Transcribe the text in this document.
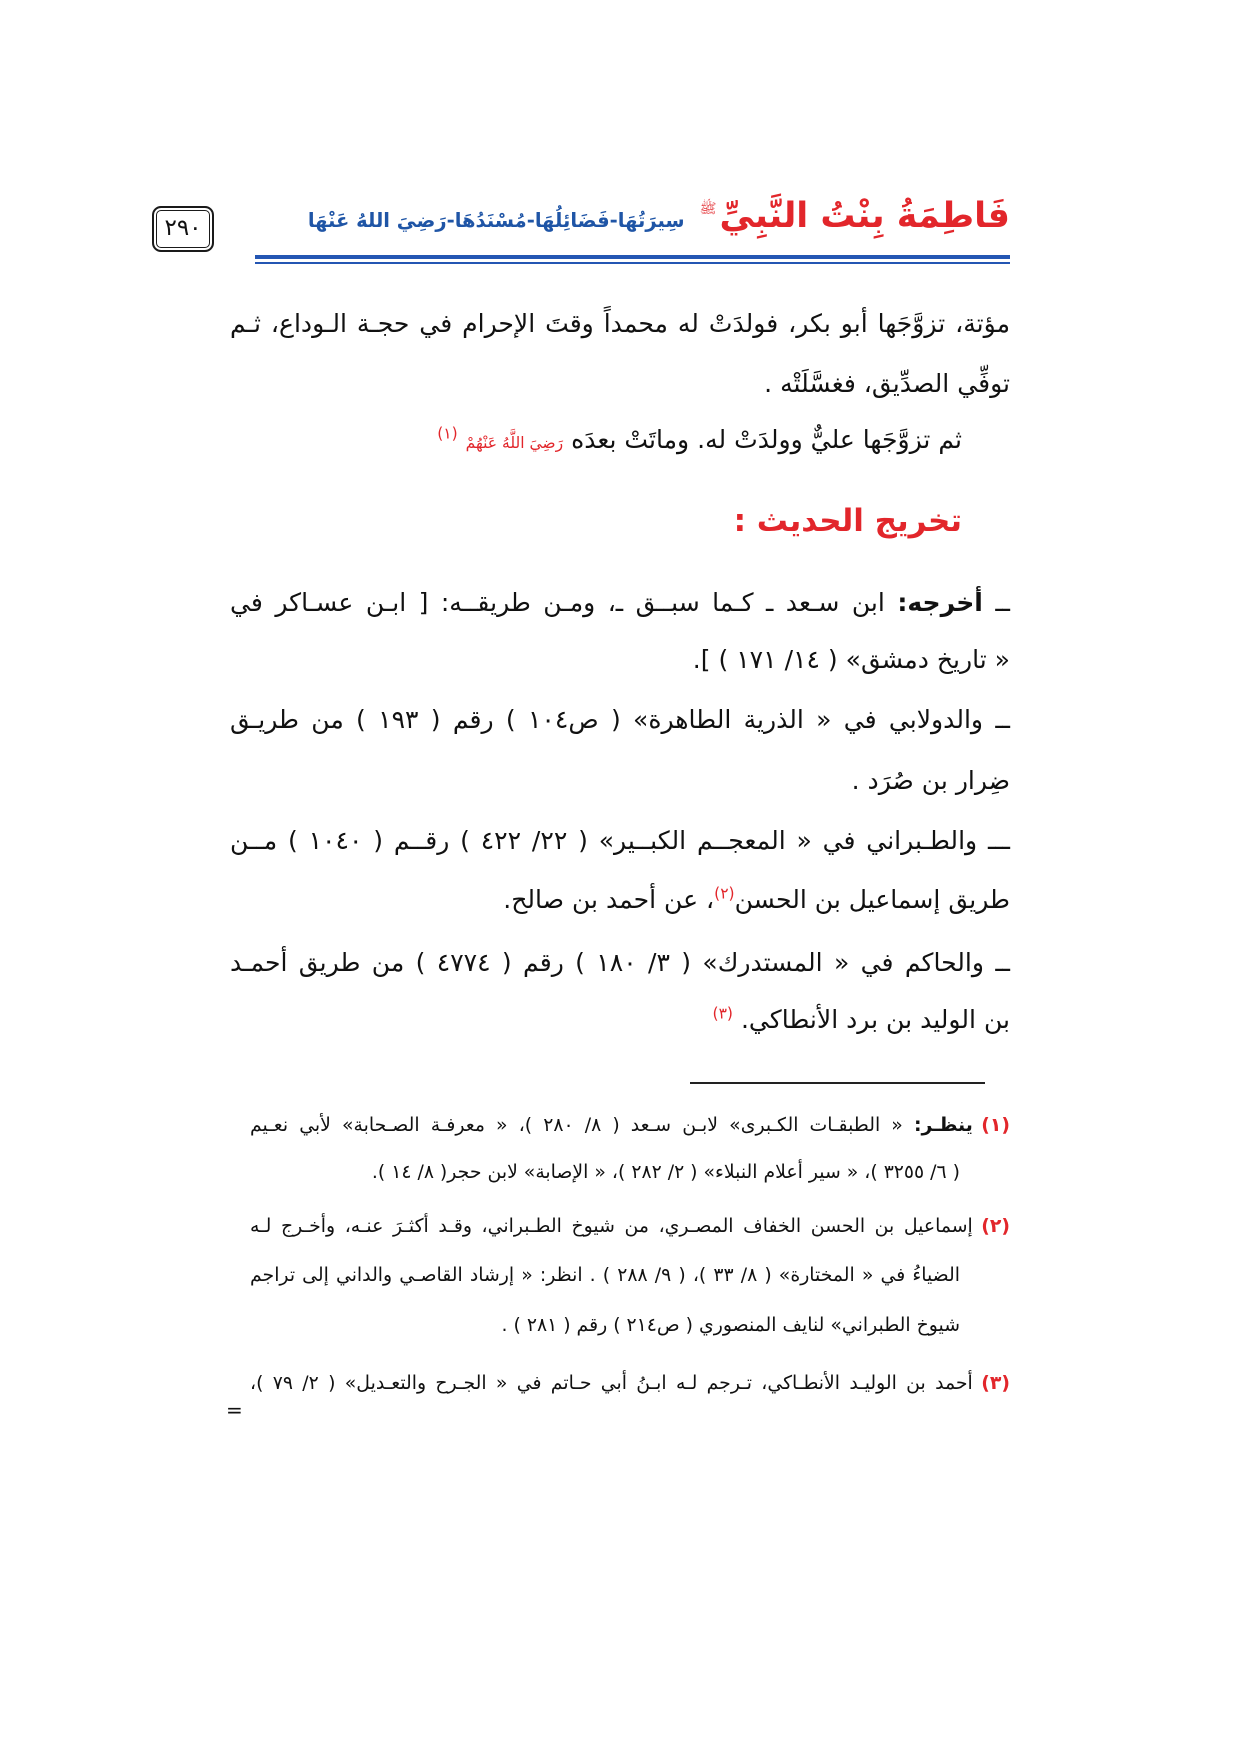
٢٩٠	فَاطِمَةُ بِنْتُ النَّبِيِّ$^ﷺ$سِيرَتُهَا-فَضَائِلُهَا-مُسْنَدُهَا-رَضِيَ اللهُ عَنْهَا
مؤتة، تزوَّجَها أبو بكر، فولدَتْ له محمداً وقتَ الإحرام في حجـة الـوداع، ثـم
توفِّي الصدِّيق، فغسَّلَتْه .
ثم تزوَّجَها عليٌّ وولدَتْ له. وماتَتْ بعدَه رَضِيَ اللَّهُ عَنْهُمْ $^{(١)}$
تخريج الحديث :
ــ أخرجه: ابن سـعد ـ كـما سبــق ـ، ومـن طريقــه: [ ابـن عسـاكر في
« تاريخ دمشق» ( ١٤/ ١٧١ ) ].
ــ والدولابي في « الذرية الطاهرة» ( ص١٠٤ ) رقم ( ١٩٣ ) من طريـق
ضِرار بن صُرَد .
ـــ والطـبراني في « المعجــم الكبــير» ( ٢٢/ ٤٢٢ ) رقــم ( ١٠٤٠ ) مــن
طريق إسماعيل بن الحسن$^{(٢)}$، عن أحمد بن صالح.
ــ والحاكم في « المستدرك» ( ٣/ ١٨٠ ) رقم ( ٤٧٧٤ ) من طريق أحمـد
بن الوليد بن برد الأنطاكي. $^{(٣)}$
(١)ينظـر: « الطبقـات الكـبرى» لابـن سـعد ( ٨/ ٢٨٠ )، « معرفـة الصـحابة» لأبي نعـيم
( ٦/ ٣٢٥٥ )، « سير أعلام النبلاء» ( ٢/ ٢٨٢ )، « الإصابة» لابن حجر( ٨/ ١٤ ).
(٢)إسماعيل بن الحسن الخفاف المصـري، من شيوخ الطـبراني، وقـد أكثـرَ عنـه، وأخـرج لـه
الضياءُ في « المختارة» ( ٨/ ٣٣ )، ( ٩/ ٢٨٨ ) . انظر: « إرشاد القاصـي والداني إلى تراجم
شيوخ الطبراني» لنايف المنصوري ( ص٢١٤ ) رقم ( ٢٨١ ) .
(٣)أحمد بن الوليـد الأنطـاكي، تـرجم لـه ابـنُ أبي حـاتم في « الجـرح والتعـديل» ( ٢/ ٧٩ )،
=
